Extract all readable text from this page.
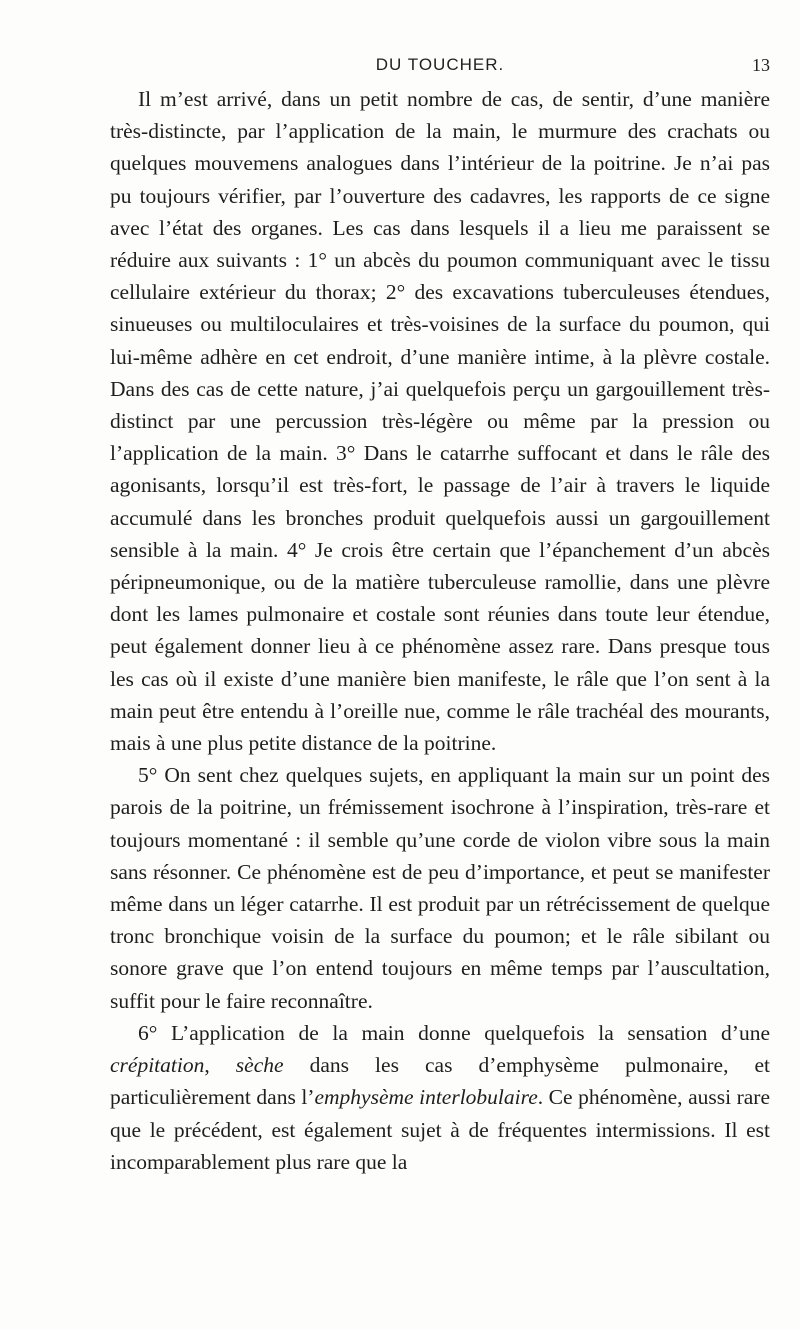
DU TOUCHER.	13

Il m’est arrivé, dans un petit nombre de cas, de sentir, d’une manière très-distincte, par l’application de la main, le murmure des crachats ou quelques mouvemens analogues dans l’intérieur de la poitrine. Je n’ai pas pu toujours vérifier, par l’ouverture des cadavres, les rapports de ce signe avec l’état des organes. Les cas dans lesquels il a lieu me paraissent se réduire aux suivants : 1° un abcès du poumon communiquant avec le tissu cellulaire extérieur du thorax; 2° des excavations tuberculeuses étendues, sinueuses ou multiloculaires et très-voisines de la surface du poumon, qui lui-même adhère en cet endroit, d’une manière intime, à la plèvre costale. Dans des cas de cette nature, j’ai quelquefois perçu un gargouillement très-distinct par une percussion très-légère ou même par la pression ou l’application de la main. 3° Dans le catarrhe suffocant et dans le râle des agonisants, lorsqu’il est très-fort, le passage de l’air à travers le liquide accumulé dans les bronches produit quelquefois aussi un gargouillement sensible à la main. 4° Je crois être certain que l’épanchement d’un abcès péripneumonique, ou de la matière tuberculeuse ramollie, dans une plèvre dont les lames pulmonaire et costale sont réunies dans toute leur étendue, peut également donner lieu à ce phénomène assez rare. Dans presque tous les cas où il existe d’une manière bien manifeste, le râle que l’on sent à la main peut être entendu à l’oreille nue, comme le râle trachéal des mourants, mais à une plus petite distance de la poitrine.

5° On sent chez quelques sujets, en appliquant la main sur un point des parois de la poitrine, un frémissement isochrone à l’inspiration, très-rare et toujours momentané : il semble qu’une corde de violon vibre sous la main sans résonner. Ce phénomène est de peu d’importance, et peut se manifester même dans un léger catarrhe. Il est produit par un rétrécissement de quelque tronc bronchique voisin de la surface du poumon; et le râle sibilant ou sonore grave que l’on entend toujours en même temps par l’auscultation, suffit pour le faire reconnaître.

6° L’application de la main donne quelquefois la sensation d’une crépitation, sèche dans les cas d’emphysème pulmonaire, et particulièrement dans l’emphysème interlobulaire. Ce phénomène, aussi rare que le précédent, est également sujet à de fréquentes intermissions. Il est incomparablement plus rare que la
